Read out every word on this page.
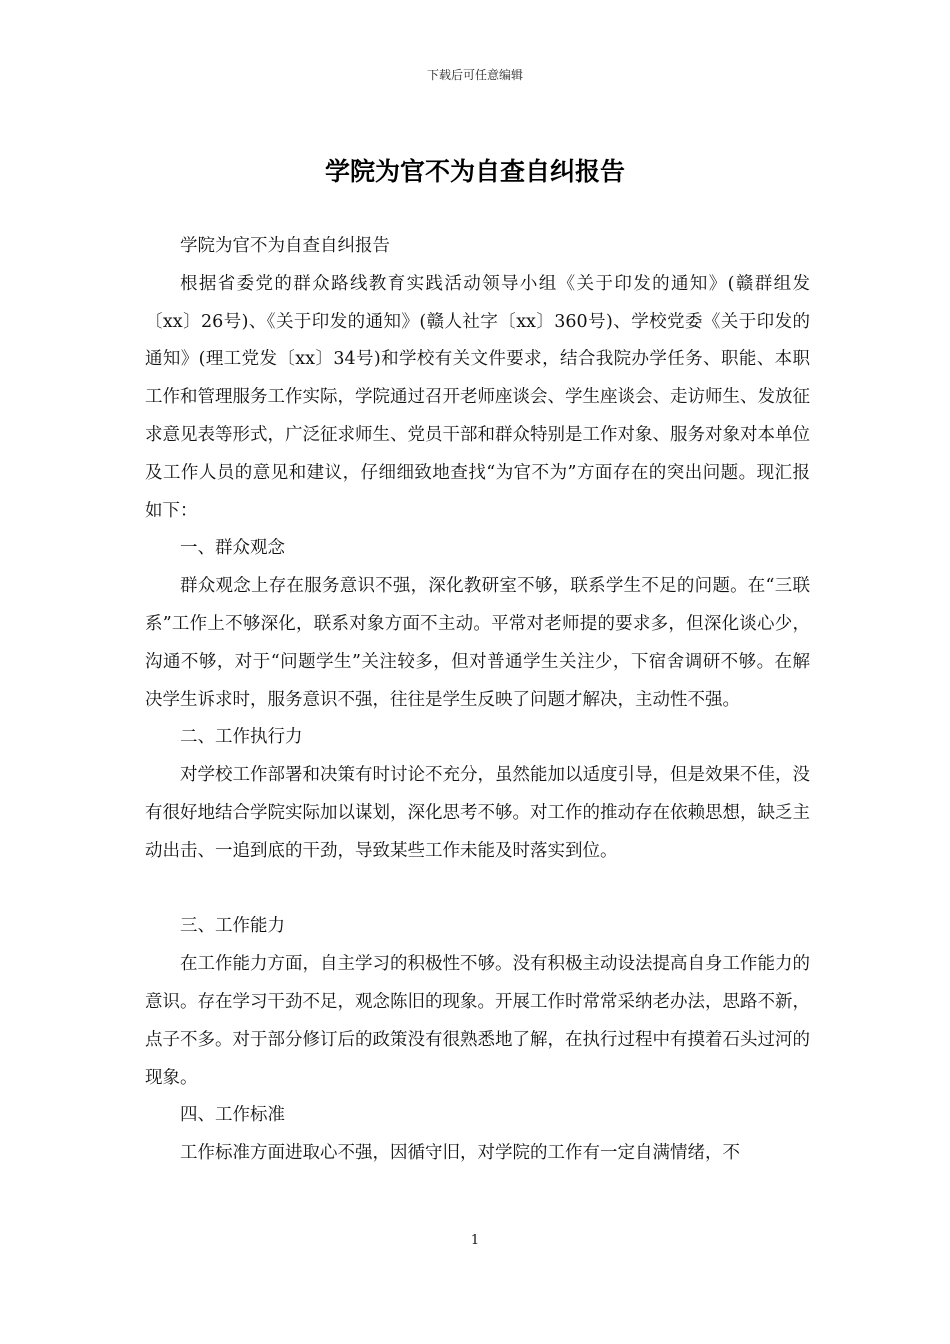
下载后可任意编辑
学院为官不为自查自纠报告

学院为官不为自查自纠报告

根据省委党的群众路线教育实践活动领导小组《关于印发的通知》(赣群组发〔xx〕26号)、《关于印发的通知》(赣人社字〔xx〕360号)、学校党委《关于印发的通知》(理工党发〔xx〕34号)和学校有关文件要求，结合我院办学任务、职能、本职工作和管理服务工作实际，学院通过召开老师座谈会、学生座谈会、走访师生、发放征求意见表等形式，广泛征求师生、党员干部和群众特别是工作对象、服务对象对本单位及工作人员的意见和建议，仔细细致地查找“为官不为”方面存在的突出问题。现汇报如下：

一、群众观念

群众观念上存在服务意识不强，深化教研室不够，联系学生不足的问题。在“三联系”工作上不够深化，联系对象方面不主动。平常对老师提的要求多，但深化谈心少，沟通不够，对于“问题学生”关注较多，但对普通学生关注少，下宿舍调研不够。在解决学生诉求时，服务意识不强，往往是学生反映了问题才解决，主动性不强。

二、工作执行力

对学校工作部署和决策有时讨论不充分，虽然能加以适度引导，但是效果不佳，没有很好地结合学院实际加以谋划，深化思考不够。对工作的推动存在依赖思想，缺乏主动出击、一追到底的干劲，导致某些工作未能及时落实到位。

三、工作能力

在工作能力方面，自主学习的积极性不够。没有积极主动设法提高自身工作能力的意识。存在学习干劲不足，观念陈旧的现象。开展工作时常常采纳老办法，思路不新，点子不多。对于部分修订后的政策没有很熟悉地了解，在执行过程中有摸着石头过河的现象。

四、工作标准

工作标准方面进取心不强，因循守旧，对学院的工作有一定自满情绪，不

1
